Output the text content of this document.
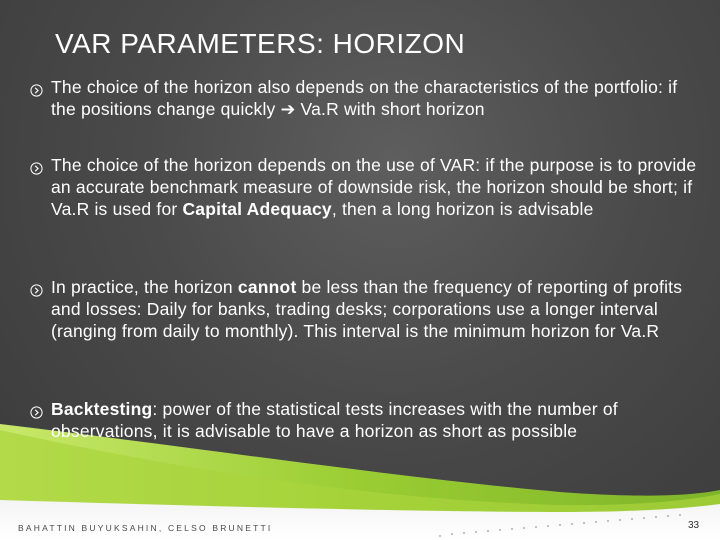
VAR PARAMETERS: HORIZON
The choice of the horizon also depends on the characteristics of the portfolio: if the positions change quickly ➔ Va.R with short horizon
The choice of the horizon depends on the use of VAR: if the purpose is to provide an accurate benchmark measure of downside risk, the horizon should be short; if Va.R is used for Capital Adequacy, then a long horizon is advisable
In practice, the horizon cannot be less than the frequency of reporting of profits and losses: Daily for banks, trading desks; corporations use a longer interval (ranging from daily to monthly). This interval is the minimum horizon for Va.R
Backtesting: power of the statistical tests increases with the number of observations, it is advisable to have a horizon as short as possible
BAHATTIN BUYUKSAHIN, CELSO BRUNETTI	33
